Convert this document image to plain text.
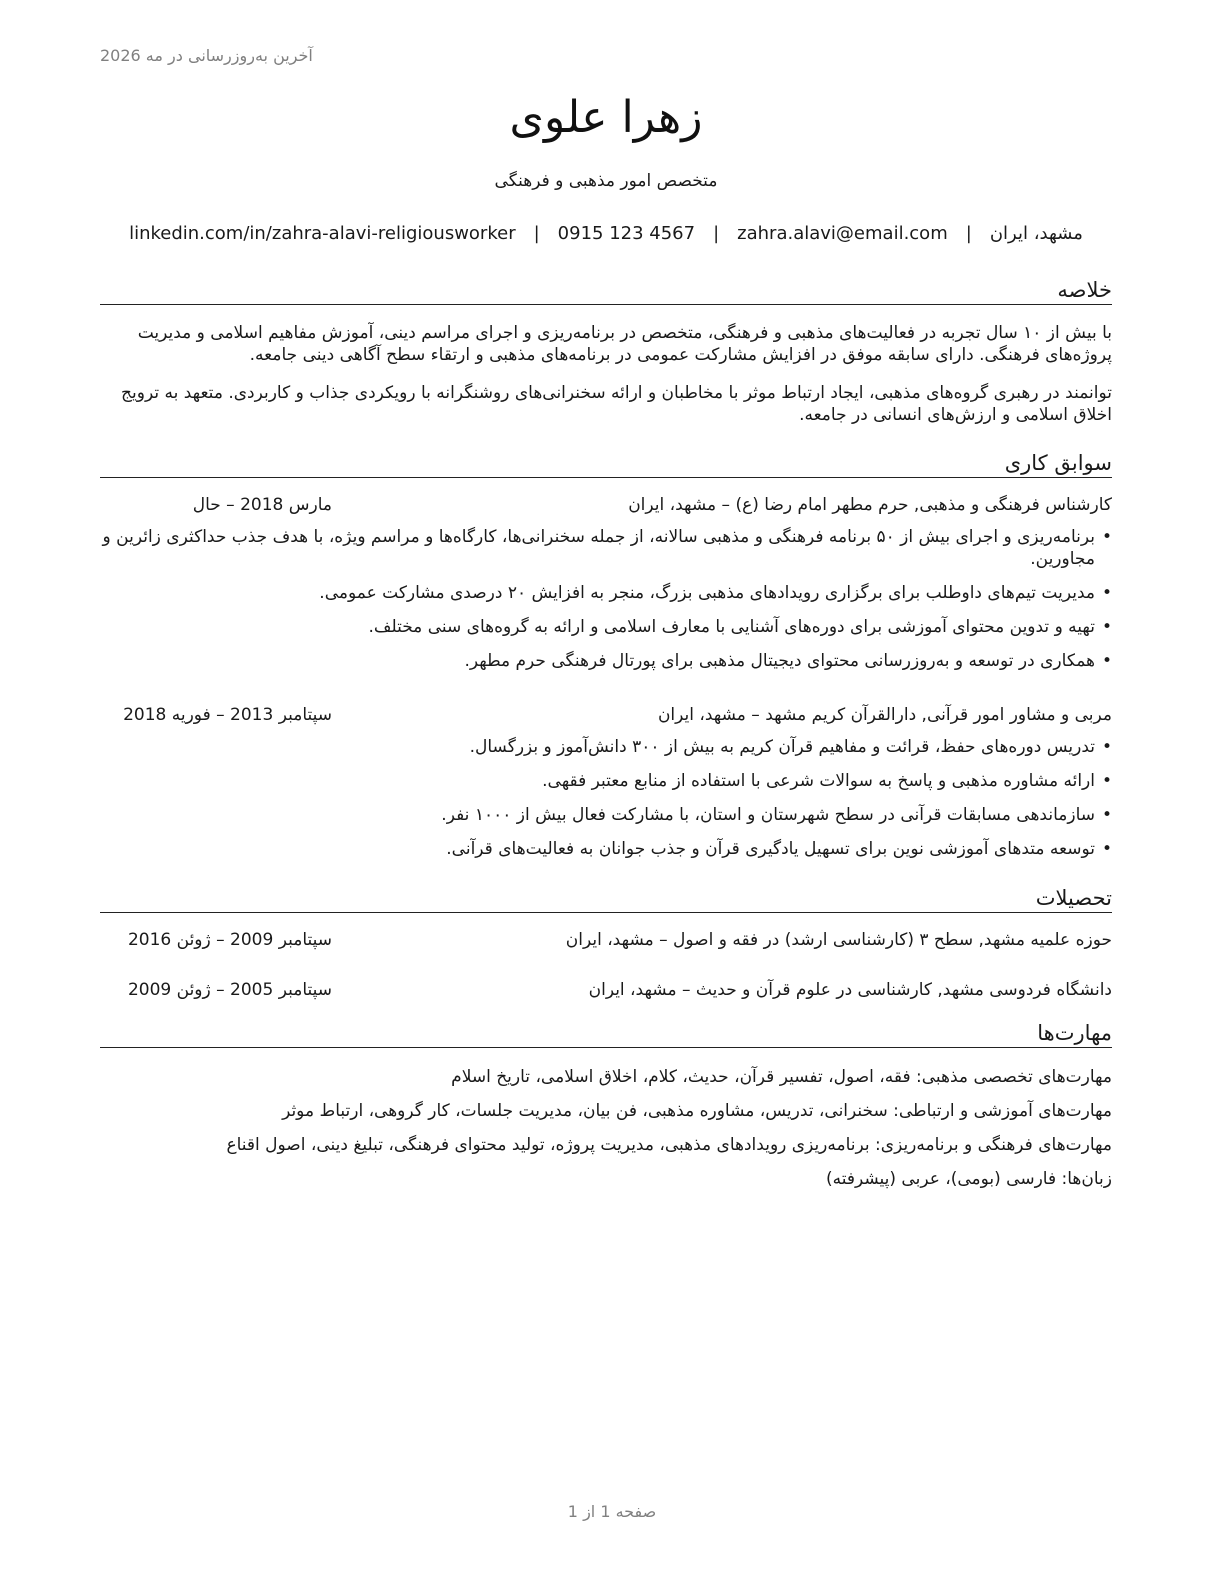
آخرین به‌روزرسانی در مه 2026
زهرا علوی
متخصص امور مذهبی و فرهنگی
مشهد، ایران
|
zahra.alavi@email.com
|
0915 123 4567
|
linkedin.com/in/zahra-alavi-religiousworker
خلاصه
با بیش از ۱۰ سال تجربه در فعالیت‌های مذهبی و فرهنگی، متخصص در برنامه‌ریزی و اجرای مراسم دینی، آموزش مفاهیم اسلامی و مدیریت پروژه‌های فرهنگی. دارای سابقه موفق در افزایش مشارکت عمومی در برنامه‌های مذهبی و ارتقاء سطح آگاهی دینی جامعه.
توانمند در رهبری گروه‌های مذهبی، ایجاد ارتباط موثر با مخاطبان و ارائه سخنرانی‌های روشنگرانه با رویکردی جذاب و کاربردی. متعهد به ترویج اخلاق اسلامی و ارزش‌های انسانی در جامعه.
سوابق کاری
کارشناس فرهنگی و مذهبی, حرم مطهر امام رضا (ع) – مشهد، ایران
مارس 2018 – حال
• برنامه‌ریزی و اجرای بیش از ۵۰ برنامه فرهنگی و مذهبی سالانه، از جمله سخنرانی‌ها، کارگاه‌ها و مراسم ویژه، با هدف جذب حداکثری زائرین و مجاورین.
• مدیریت تیم‌های داوطلب برای برگزاری رویدادهای مذهبی بزرگ، منجر به افزایش ۲۰ درصدی مشارکت عمومی.
• تهیه و تدوین محتوای آموزشی برای دوره‌های آشنایی با معارف اسلامی و ارائه به گروه‌های سنی مختلف.
• همکاری در توسعه و به‌روزرسانی محتوای دیجیتال مذهبی برای پورتال فرهنگی حرم مطهر.
مربی و مشاور امور قرآنی, دارالقرآن کریم مشهد – مشهد، ایران
سپتامبر 2013 – فوریه 2018
• تدریس دوره‌های حفظ، قرائت و مفاهیم قرآن کریم به بیش از ۳۰۰ دانش‌آموز و بزرگسال.
• ارائه مشاوره مذهبی و پاسخ به سوالات شرعی با استفاده از منابع معتبر فقهی.
• سازماندهی مسابقات قرآنی در سطح شهرستان و استان، با مشارکت فعال بیش از ۱۰۰۰ نفر.
• توسعه متدهای آموزشی نوین برای تسهیل یادگیری قرآن و جذب جوانان به فعالیت‌های قرآنی.
تحصیلات
حوزه علمیه مشهد, سطح ۳ (کارشناسی ارشد) در فقه و اصول – مشهد، ایران
سپتامبر 2009 – ژوئن 2016
دانشگاه فردوسی مشهد, کارشناسی در علوم قرآن و حدیث – مشهد، ایران
سپتامبر 2005 – ژوئن 2009
مهارت‌ها
مهارت‌های تخصصی مذهبی: فقه، اصول، تفسیر قرآن، حدیث، کلام، اخلاق اسلامی، تاریخ اسلام
مهارت‌های آموزشی و ارتباطی: سخنرانی، تدریس، مشاوره مذهبی، فن بیان، مدیریت جلسات، کار گروهی، ارتباط موثر
مهارت‌های فرهنگی و برنامه‌ریزی: برنامه‌ریزی رویدادهای مذهبی، مدیریت پروژه، تولید محتوای فرهنگی، تبلیغ دینی، اصول اقناع
زبان‌ها: فارسی (بومی)، عربی (پیشرفته)
صفحه 1 از 1
